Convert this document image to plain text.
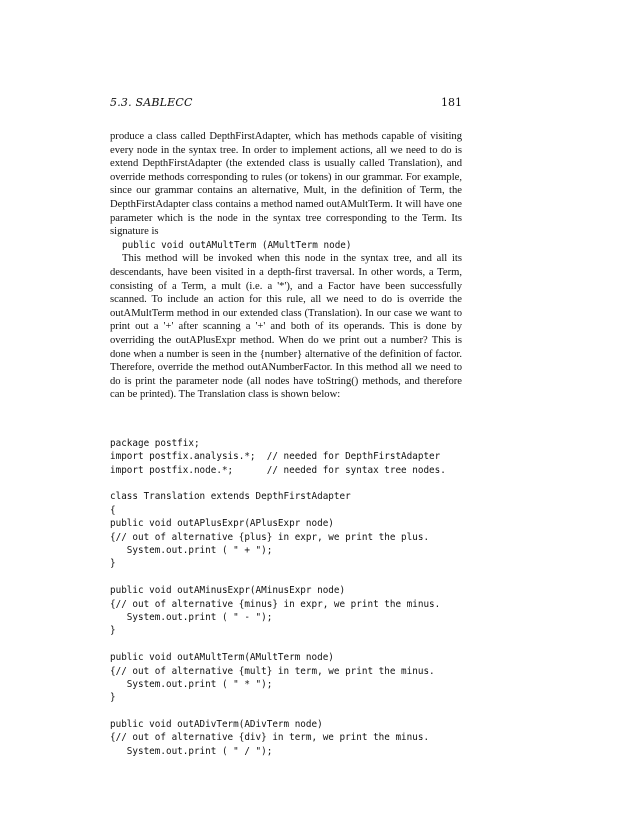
5.3. SABLECC	181

produce a class called DepthFirstAdapter, which has methods capable of visiting every node in the syntax tree. In order to implement actions, all we need to do is extend DepthFirstAdapter (the extended class is usually called Translation), and override methods corresponding to rules (or tokens) in our grammar. For example, since our grammar contains an alternative, Mult, in the definition of Term, the DepthFirstAdapter class contains a method named outAMultTerm. It will have one parameter which is the node in the syntax tree corresponding to the Term. Its signature is

public void outAMultTerm (AMultTerm node)

This method will be invoked when this node in the syntax tree, and all its descendants, have been visited in a depth-first traversal. In other words, a Term, consisting of a Term, a mult (i.e. a '*'), and a Factor have been successfully scanned. To include an action for this rule, all we need to do is override the outAMultTerm method in our extended class (Translation). In our case we want to print out a '+' after scanning a '+' and both of its operands. This is done by overriding the outAPlusExpr method. When do we print out a number? This is done when a number is seen in the {number} alternative of the definition of factor. Therefore, override the method outANumberFactor. In this method all we need to do is print the parameter node (all nodes have toString() methods, and therefore can be printed). The Translation class is shown below:

package postfix;
import postfix.analysis.*;  // needed for DepthFirstAdapter
import postfix.node.*;      // needed for syntax tree nodes.
class Translation extends DepthFirstAdapter
{
public void outAPlusExpr(APlusExpr node)
{// out of alternative {plus} in expr, we print the plus.
System.out.print ( " + ");
}
public void outAMinusExpr(AMinusExpr node)
{// out of alternative {minus} in expr, we print the minus.
System.out.print ( " - ");
}
public void outAMultTerm(AMultTerm node)
{// out of alternative {mult} in term, we print the minus.
System.out.print ( " * ");
}
public void outADivTerm(ADivTerm node)
{// out of alternative {div} in term, we print the minus.
System.out.print ( " / ");
